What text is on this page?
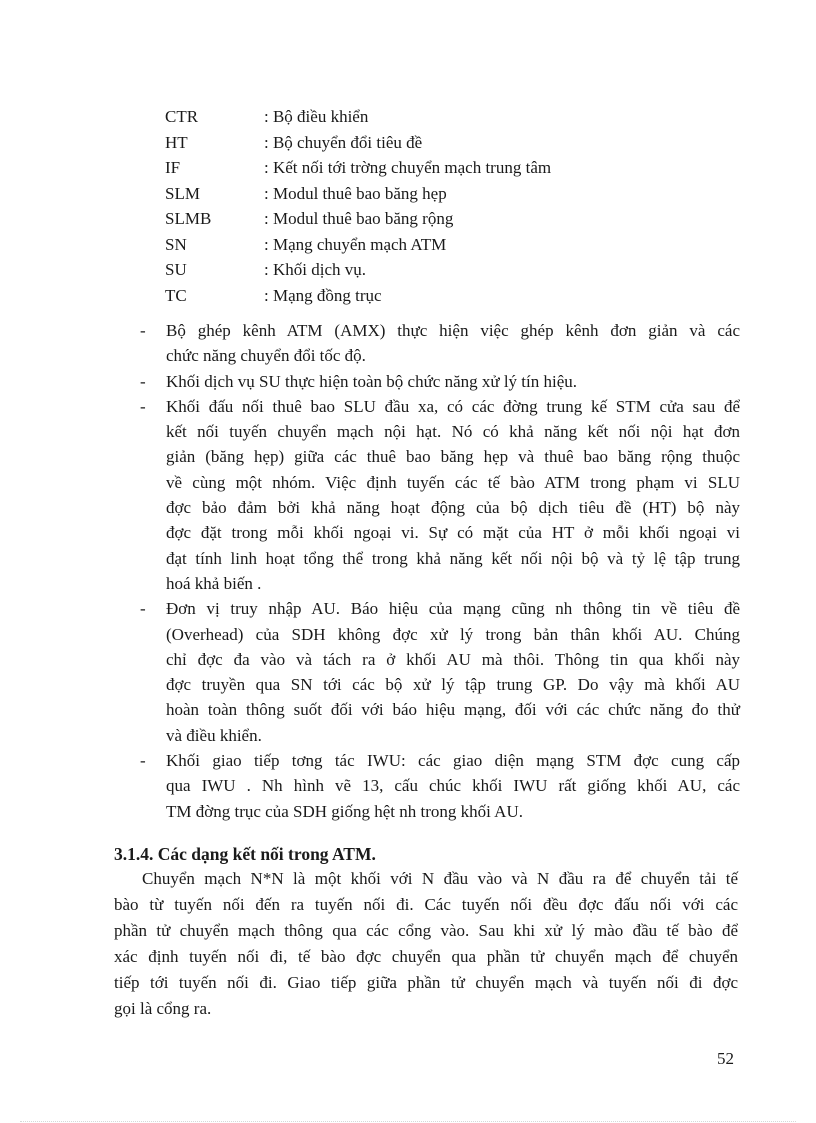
CTR	: Bộ điều khiển
HT	: Bộ chuyển đổi tiêu đề
IF	: Kết nối tới trờng chuyển mạch trung tâm
SLM	: Modul thuê bao băng hẹp
SLMB	: Modul thuê bao băng rộng
SN	: Mạng chuyển mạch ATM
SU	: Khối dịch vụ.
TC	: Mạng đồng trục
- Bộ ghép kênh ATM (AMX) thực hiện việc ghép kênh đơn giản và các
chức năng chuyển đổi tốc độ.
- Khối dịch vụ SU thực hiện toàn bộ chức năng xử lý tín hiệu.
- Khối đấu nối thuê bao SLU đầu xa, có các đờng trung kế STM cửa sau để
kết nối tuyến chuyển mạch nội hạt. Nó có khả năng kết nối nội hạt đơn
giản (băng hẹp) giữa các thuê bao băng hẹp và thuê bao băng rộng thuộc
về cùng một nhóm. Việc định tuyến các tế bào ATM trong phạm vi SLU
đợc bảo đảm bởi khả năng hoạt động của bộ dịch tiêu đề (HT) bộ này
đợc đặt trong mỗi khối ngoại vi. Sự có mặt của HT ở mỗi khối ngoại vi
đạt tính linh hoạt tổng thể trong khả năng kết nối nội bộ và tỷ lệ tập trung
hoá khả biến .
- Đơn vị truy nhập AU. Báo hiệu của mạng cũng nh thông tin về tiêu đề
(Overhead) của SDH không đợc xử lý trong bản thân khối AU. Chúng
chỉ đợc đa vào và tách ra ở khối AU mà thôi. Thông tin qua khối này
đợc truyền qua SN tới các bộ xử lý tập trung GP. Do vậy mà khối AU
hoàn toàn thông suốt đối với báo hiệu mạng, đối với các chức năng đo thử
và điều khiển.
- Khối giao tiếp tơng tác IWU: các giao diện mạng STM đợc cung cấp
qua IWU . Nh hình vẽ 13, cấu chúc khối IWU rất giống khối AU, các
TM đờng trục của SDH giống hệt nh trong khối AU.
3.1.4. Các dạng kết nối trong ATM.
Chuyển mạch N*N là một khối với N đầu vào và N đầu ra để chuyển tải tế
bào từ tuyến nối đến ra tuyến nối đi. Các tuyến nối đều đợc đấu nối với các
phần tử chuyển mạch thông qua các cổng vào. Sau khi xử lý mào đầu tế bào để
xác định tuyến nối đi, tế bào đợc chuyển qua phần tử chuyển mạch để chuyển
tiếp tới tuyến nối đi. Giao tiếp giữa phần tử chuyển mạch và tuyến nối đi đợc
gọi là cổng ra.
52
